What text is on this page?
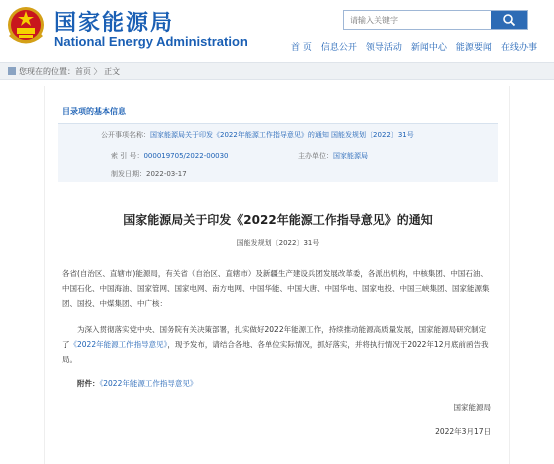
国家能源局
National Energy Administration
请输入关键字	首 页 信息公开 领导活动 新闻中心 能源要闻 在线办事
您现在的位置：首页 〉 正文
目录项的基本信息
公开事项名称：国家能源局关于印发《2022年能源工作指导意见》的通知 国能发规划〔2022〕31号
索 引 号：000019705/2022-00030	主办单位：国家能源局
制发日期：2022-03-17
国家能源局关于印发《2022年能源工作指导意见》的通知
国能发规划〔2022〕31号
各省(自治区、直辖市)能源局，有关省（自治区、直辖市）及新疆生产建设兵团发展改革委，各派出机构，中核集团、中国石油、中国石化、中国海油、国家管网、国家电网、南方电网、中国华能、中国大唐、中国华电、国家电投、中国三峡集团、国家能源集团、国投、中煤集团、中广核：
为深入贯彻落实党中央、国务院有关决策部署，扎实做好2022年能源工作，持续推动能源高质量发展，国家能源局研究制定了《2022年能源工作指导意见》，现予发布，请结合各地、各单位实际情况，抓好落实，并将执行情况于2022年12月底前函告我局。
附件：《2022年能源工作指导意见》
国家能源局
2022年3月17日
